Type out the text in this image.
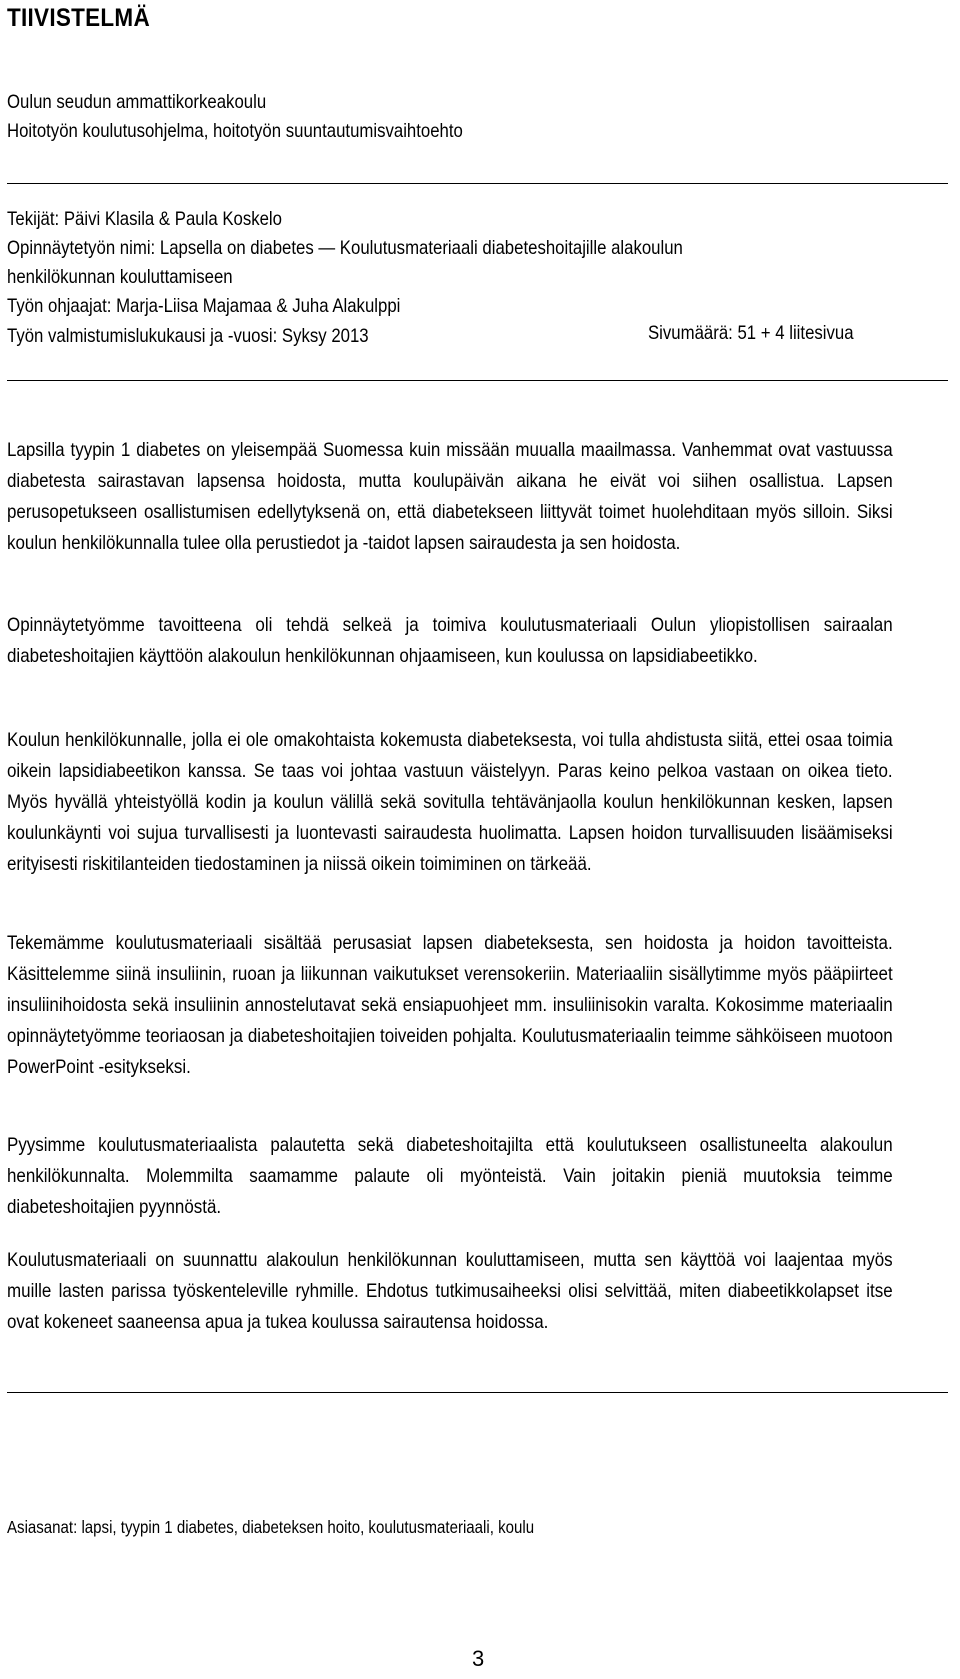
TIIVISTELMÄ
Oulun seudun ammattikorkeakoulu
Hoitotyön koulutusohjelma, hoitotyön suuntautumisvaihtoehto
Tekijät: Päivi Klasila & Paula Koskelo
Opinnäytetyön nimi: Lapsella on diabetes — Koulutusmateriaali diabeteshoitajille alakoulun
henkilökunnan kouluttamiseen
Työn ohjaajat: Marja-Liisa Majamaa & Juha Alakulppi
Työn valmistumislukukausi ja -vuosi: Syksy 2013	Sivumäärä: 51 + 4 liitesivua

Lapsilla tyypin 1 diabetes on yleisempää Suomessa kuin missään muualla maailmassa. Vanhemmat ovat vastuussa diabetesta sairastavan lapsensa hoidosta, mutta koulupäivän aikana he eivät voi siihen osallistua. Lapsen perusopetukseen osallistumisen edellytyksenä on, että diabetekseen liittyvät toimet huolehditaan myös silloin. Siksi koulun henkilökunnalla tulee olla perustiedot ja -taidot lapsen sairaudesta ja sen hoidosta.

Opinnäytetyömme tavoitteena oli tehdä selkeä ja toimiva koulutusmateriaali Oulun yliopistollisen sairaalan diabeteshoitajien käyttöön alakoulun henkilökunnan ohjaamiseen, kun koulussa on lapsidiabeetikko.

Koulun henkilökunnalle, jolla ei ole omakohtaista kokemusta diabeteksesta, voi tulla ahdistusta siitä, ettei osaa toimia oikein lapsidiabeetikon kanssa. Se taas voi johtaa vastuun väistelyyn. Paras keino pelkoa vastaan on oikea tieto. Myös hyvällä yhteistyöllä kodin ja koulun välillä sekä sovitulla tehtävänjaolla koulun henkilökunnan kesken, lapsen koulunkäynti voi sujua turvallisesti ja luontevasti sairaudesta huolimatta. Lapsen hoidon turvallisuuden lisäämiseksi erityisesti riskitilanteiden tiedostaminen ja niissä oikein toimiminen on tärkeää.

Tekemämme koulutusmateriaali sisältää perusasiat lapsen diabeteksesta, sen hoidosta ja hoidon tavoitteista. Käsittelemme siinä insuliinin, ruoan ja liikunnan vaikutukset verensokeriin. Materiaaliin sisällytimme myös pääpiirteet insuliinihoidosta sekä insuliinin annostelutavat sekä ensiapuohjeet mm. insuliinisokin varalta. Kokosimme materiaalin opinnäytetyömme teoriaosan ja diabeteshoitajien toiveiden pohjalta. Koulutusmateriaalin teimme sähköiseen muotoon PowerPoint -esitykseksi.

Pyysimme koulutusmateriaalista palautetta sekä diabeteshoitajilta että koulutukseen osallistuneelta alakoulun henkilökunnalta. Molemmilta saamamme palaute oli myönteistä. Vain joitakin pieniä muutoksia teimme diabeteshoitajien pyynnöstä.

Koulutusmateriaali on suunnattu alakoulun henkilökunnan kouluttamiseen, mutta sen käyttöä voi laajentaa myös muille lasten parissa työskenteleville ryhmille. Ehdotus tutkimusaiheeksi olisi selvittää, miten diabeetikkolapset itse ovat kokeneet saaneensa apua ja tukea koulussa sairautensa hoidossa.

Asiasanat: lapsi, tyypin 1 diabetes, diabeteksen hoito, koulutusmateriaali, koulu
3
